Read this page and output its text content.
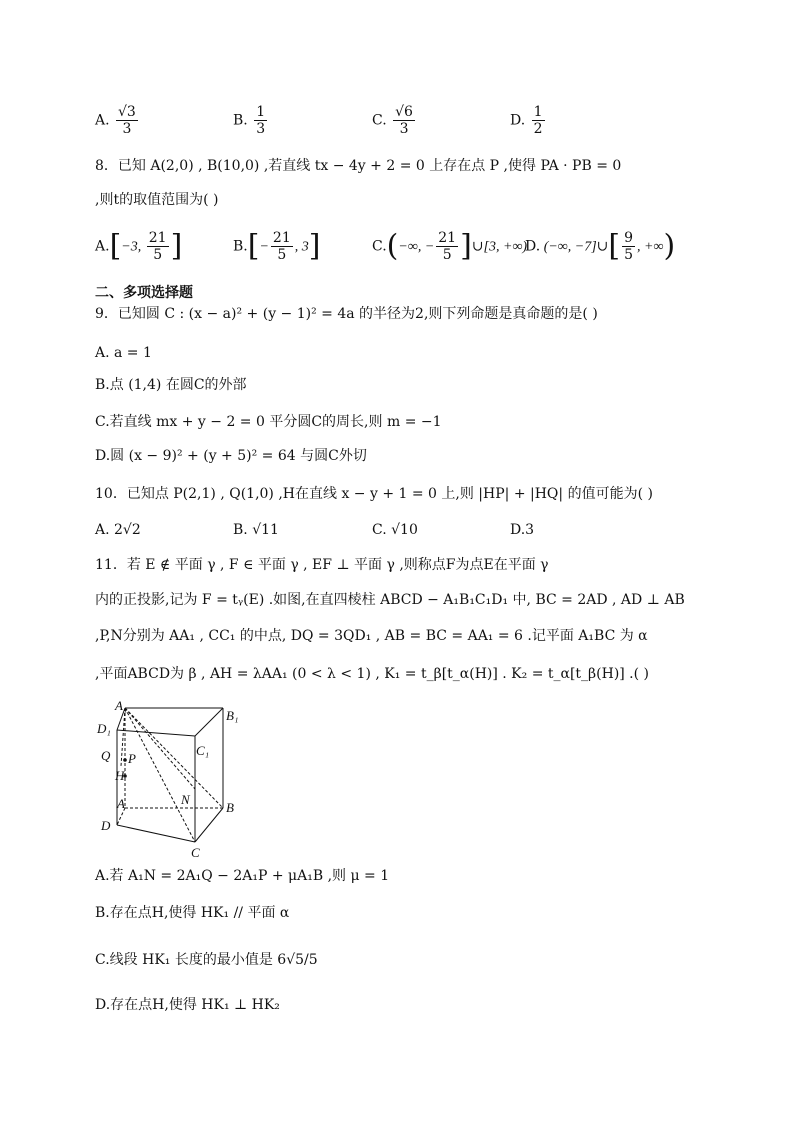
A. $\frac{√3}{3}$	B. $\frac{1}{3}$	C. $\frac{√6}{3}$	D. $\frac{1}{2}$
8．已知 A(2,0) , B(10,0) ,若直线 tx − 4y + 2 = 0 上存在点 P ,使得 PA · PB = 0
,则t的取值范围为( )
A.[−3, $\frac{21}{5}$ ]	$B.[- \frac{21}{5}$ , 3]	C.(−∞, − $\frac{21}{5}$ ]∪[3, +∞)
D. (−∞, −7]∪[ $\frac{9}{5}$ , +∞)
二、多项选择题
9．已知圆 C : (x − a)² + (y − 1)² = 4a 的半径为2,则下列命题是真命题的是( )
A. a = 1
B.点 (1,4) 在圆C的外部
C.若直线 mx + y − 2 = 0 平分圆C的周长,则 m = −1
D.圆 (x − 9)² + (y + 5)² = 64 与圆C外切
10．已知点 P(2,1) , Q(1,0) ,H在直线 x − y + 1 = 0 上,则 |HP| + |HQ| 的值可能为( )
A. 2√2	B. √11	C. √10	D.3
11．若 E ∉ 平面 γ , F ∈ 平面 γ , EF ⊥ 平面 γ ,则称点F为点E在平面 γ
内的正投影,记为 F = tᵧ(E) .如图,在直四棱柱 ABCD − A₁B₁C₁D₁ 中, BC = 2AD , AD ⊥ AB
,P,N分别为 AA₁ , CC₁ 的中点, DQ = 3QD₁ , AB = BC = AA₁ = 6 .记平面 A₁BC 为 α
,平面ABCD为 β , AH = λAA₁ (0 < λ < 1) , K₁ = t_β[t_α(H)] . K₂ = t_α[t_β(H)] .( )
A₁
B₁
C₁
D₁
A	B
C
D
Q P
H
N
A.若 A₁N = 2A₁Q − 2A₁P + μA₁B ,则 μ = 1
B.存在点H,使得 HK₁ // 平面 α
C.线段 HK₁ 长度的最小值是 6√5/5
D.存在点H,使得 HK₁ ⊥ HK₂
